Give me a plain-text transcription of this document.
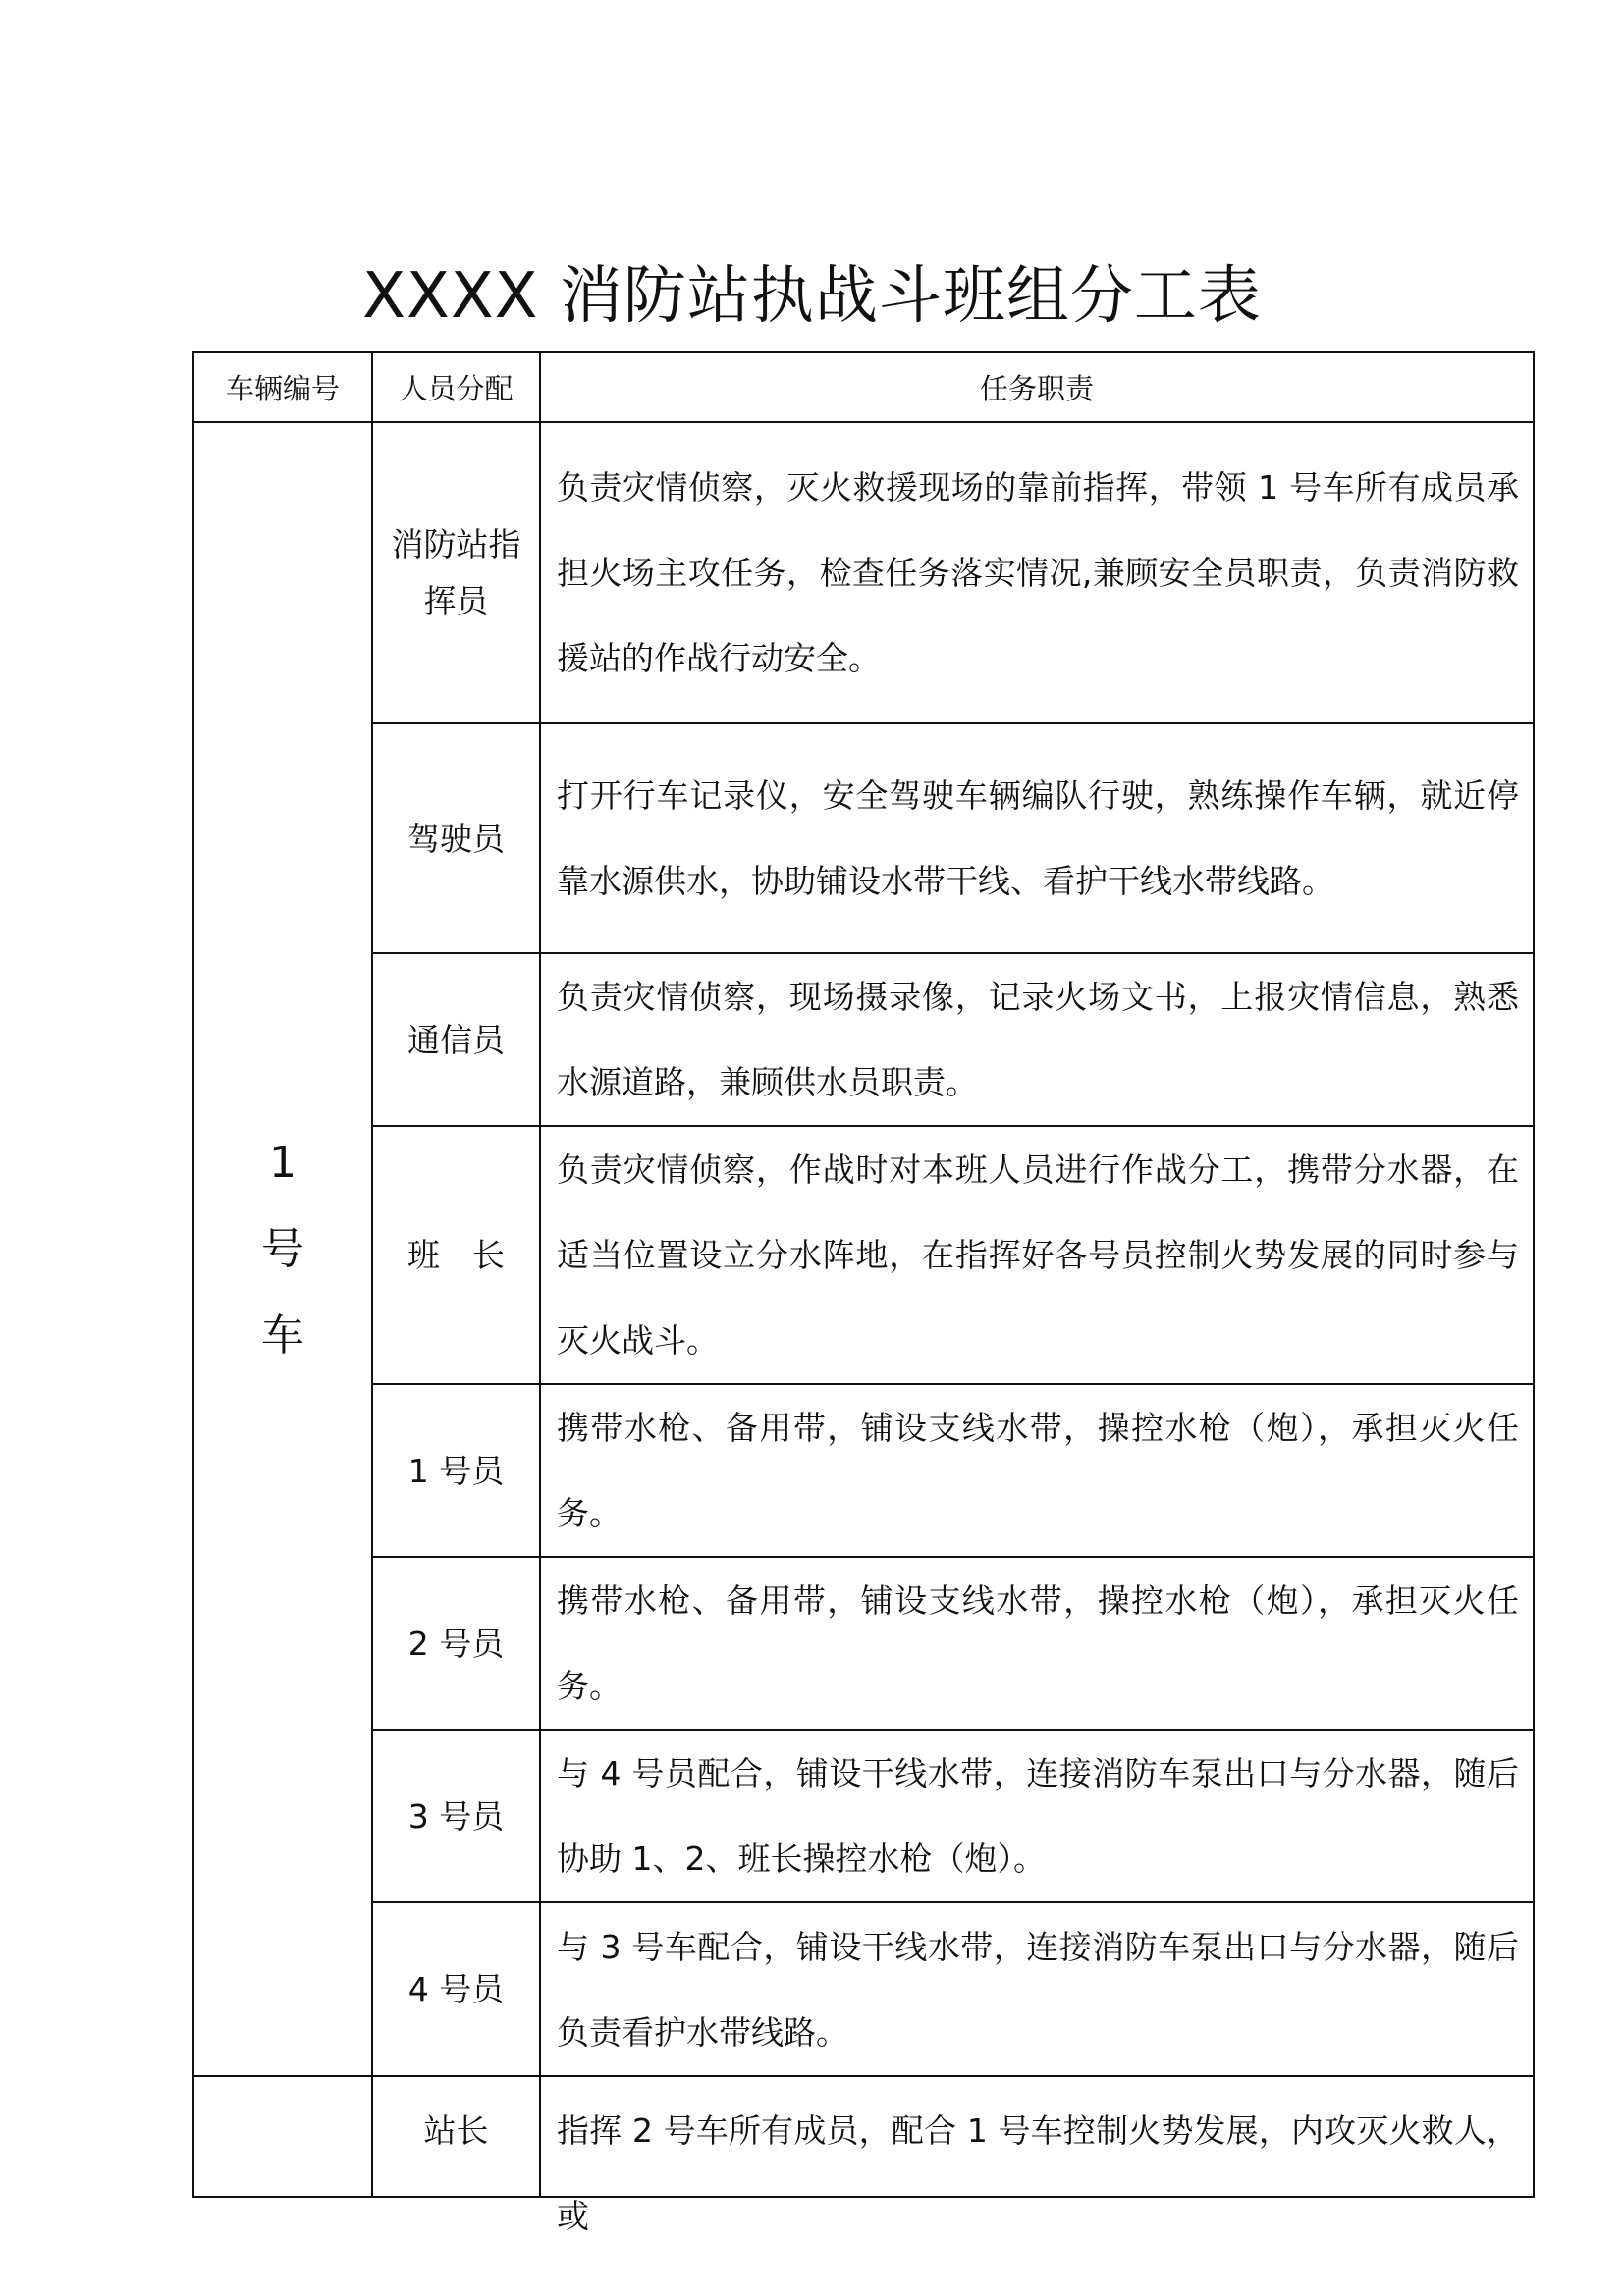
XXXX 消防站执战斗班组分工表
车辆编号	人员分配	任务职责

1
号
车	消防站指挥员	负责灾情侦察，灭火救援现场的靠前指挥，带领 1 号车所有成员承担火场主攻任务，检查任务落实情况,兼顾安全员职责，负责消防救援站的作战行动安全。
	驾驶员	打开行车记录仪，安全驾驶车辆编队行驶，熟练操作车辆，就近停靠水源供水，协助铺设水带干线、看护干线水带线路。
	通信员	负责灾情侦察，现场摄录像，记录火场文书，上报灾情信息，熟悉水源道路，兼顾供水员职责。
	班　长	负责灾情侦察，作战时对本班人员进行作战分工，携带分水器，在适当位置设立分水阵地，在指挥好各号员控制火势发展的同时参与灭火战斗。
	1 号员	携带水枪、备用带，铺设支线水带，操控水枪（炮），承担灭火任务。
	2 号员	携带水枪、备用带，铺设支线水带，操控水枪（炮），承担灭火任务。
	3 号员	与 4 号员配合，铺设干线水带，连接消防车泵出口与分水器，随后协助 1、2、班长操控水枪（炮）。
	4 号员	与 3 号车配合，铺设干线水带，连接消防车泵出口与分水器，随后负责看护水带线路。

	站长	指挥 2 号车所有成员，配合 1 号车控制火势发展，内攻灭火救人，或
